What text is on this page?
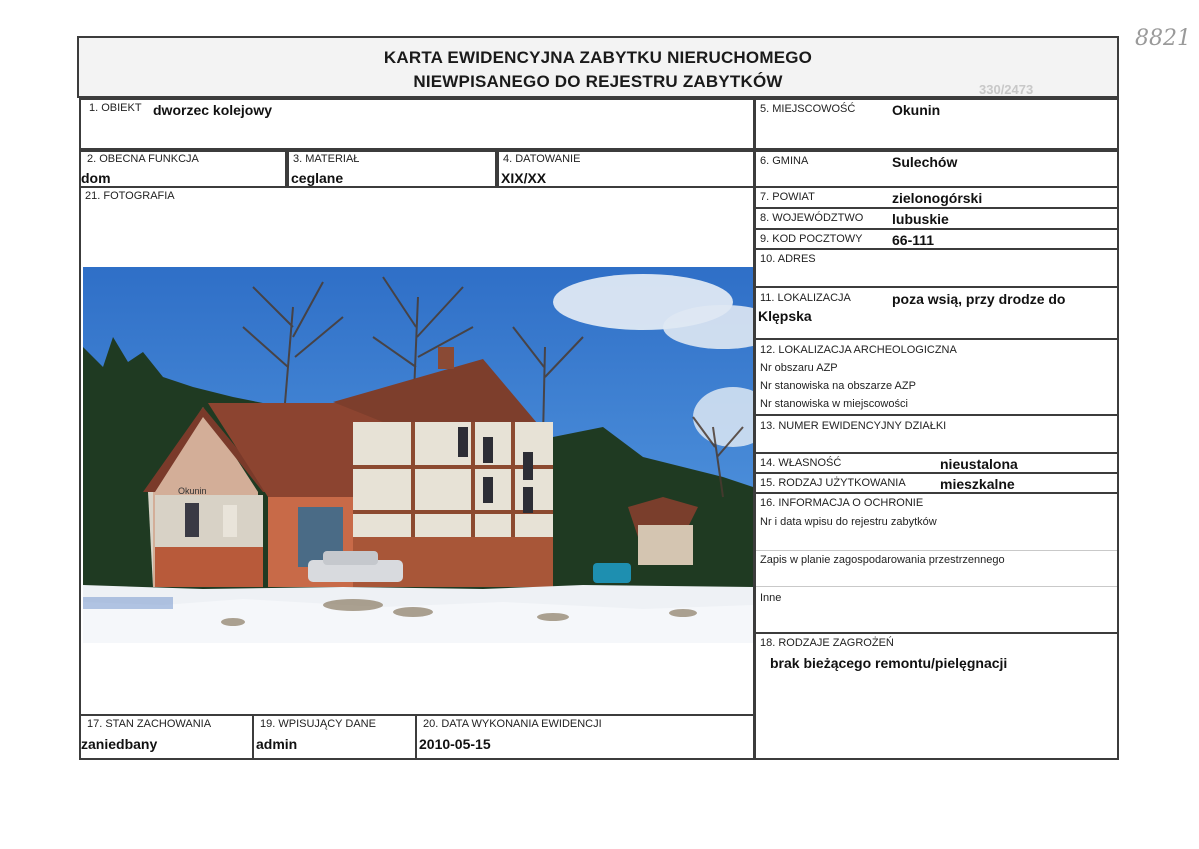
8821
330/2473
KARTA EWIDENCYJNA ZABYTKU NIERUCHOMEGO
NIEWPISANEGO DO REJESTRU ZABYTKÓW
1. OBIEKT dworzec kolejowy
2. OBECNA FUNKCJA
dom
3. MATERIAŁ
ceglane
4. DATOWANIE
XIX/XX
21. FOTOGRAFIA
Okunin
17. STAN ZACHOWANIA
zaniedbany
19. WPISUJĄCY DANE
admin
20. DATA WYKONANIA EWIDENCJI
2010-05-15
5. MIEJSCOWOŚĆ	Okunin
6. GMINA	Sulechów
7. POWIAT	zielonogórski
8. WOJEWÓDZTWO lubuskie
9. KOD POCZTOWY 66-111
10. ADRES
11. LOKALIZACJA	poza wsią, przy drodze do
Klępska
12. LOKALIZACJA ARCHEOLOGICZNA
Nr obszaru AZP
Nr stanowiska na obszarze AZP
Nr stanowiska w miejscowości
13. NUMER EWIDENCYJNY DZIAŁKI
14. WŁASNOŚĆ	nieustalona
15. RODZAJ UŻYTKOWANIA mieszkalne
16. INFORMACJA O OCHRONIE
Nr i data wpisu do rejestru zabytków
Zapis w planie zagospodarowania przestrzennego
Inne
18. RODZAJE ZAGROŻEŃ
brak bieżącego remontu/pielęgnacji
